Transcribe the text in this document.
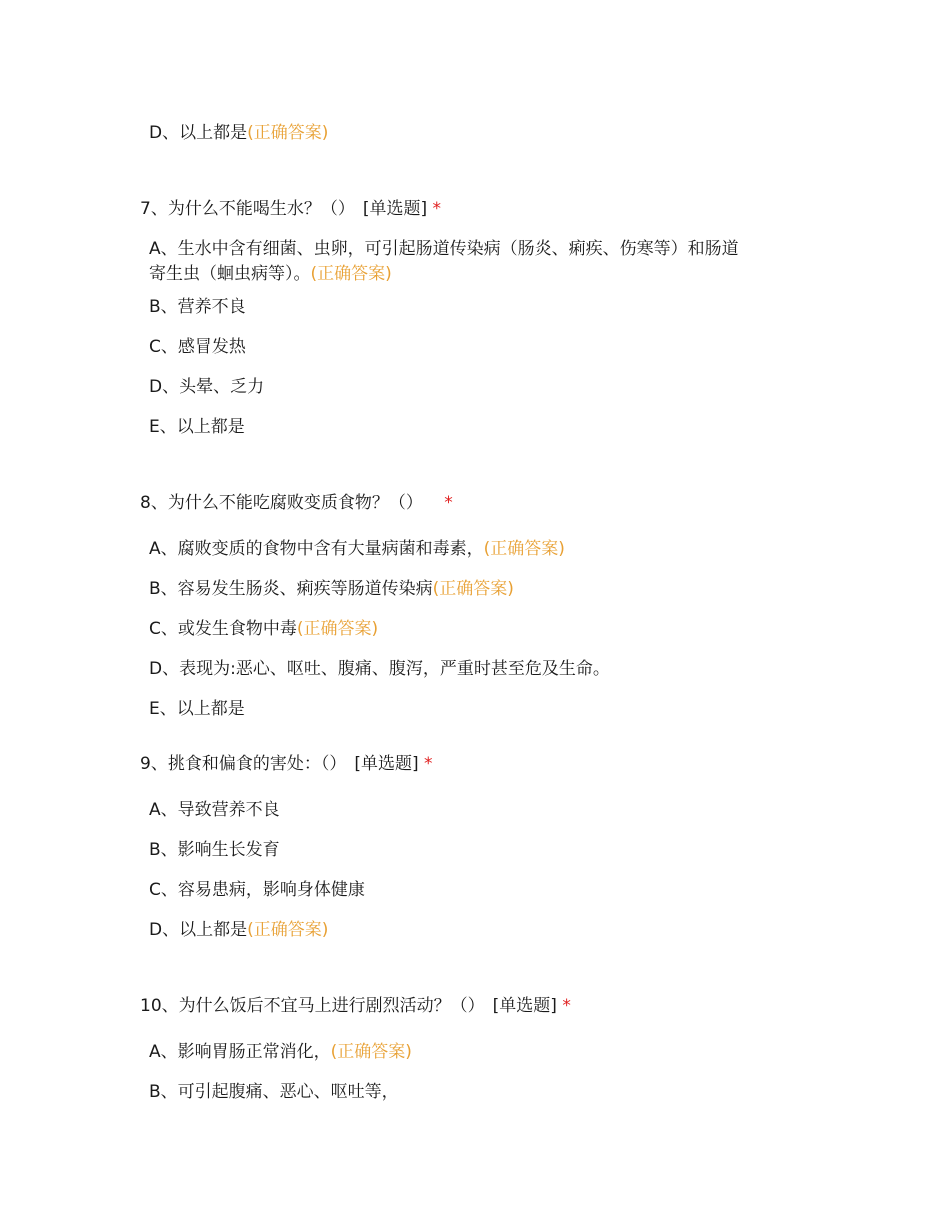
D、以上都是(正确答案)
7、为什么不能喝生水？（） [单选题] *
A、生水中含有细菌、虫卵，可引起肠道传染病（肠炎、痢疾、伤寒等）和肠道
寄生虫（蛔虫病等）。(正确答案)
B、营养不良
C、感冒发热
D、头晕、乏力
E、以上都是
8、为什么不能吃腐败变质食物？（） *
A、腐败变质的食物中含有大量病菌和毒素，(正确答案)
B、容易发生肠炎、痢疾等肠道传染病(正确答案)
C、或发生食物中毒(正确答案)
D、表现为:恶心、呕吐、腹痛、腹泻，严重时甚至危及生命。
E、以上都是
9、挑食和偏食的害处：（） [单选题] *
A、导致营养不良
B、影响生长发育
C、容易患病，影响身体健康
D、以上都是(正确答案)
10、为什么饭后不宜马上进行剧烈活动？（） [单选题] *
A、影响胃肠正常消化，(正确答案)
B、可引起腹痛、恶心、呕吐等，
